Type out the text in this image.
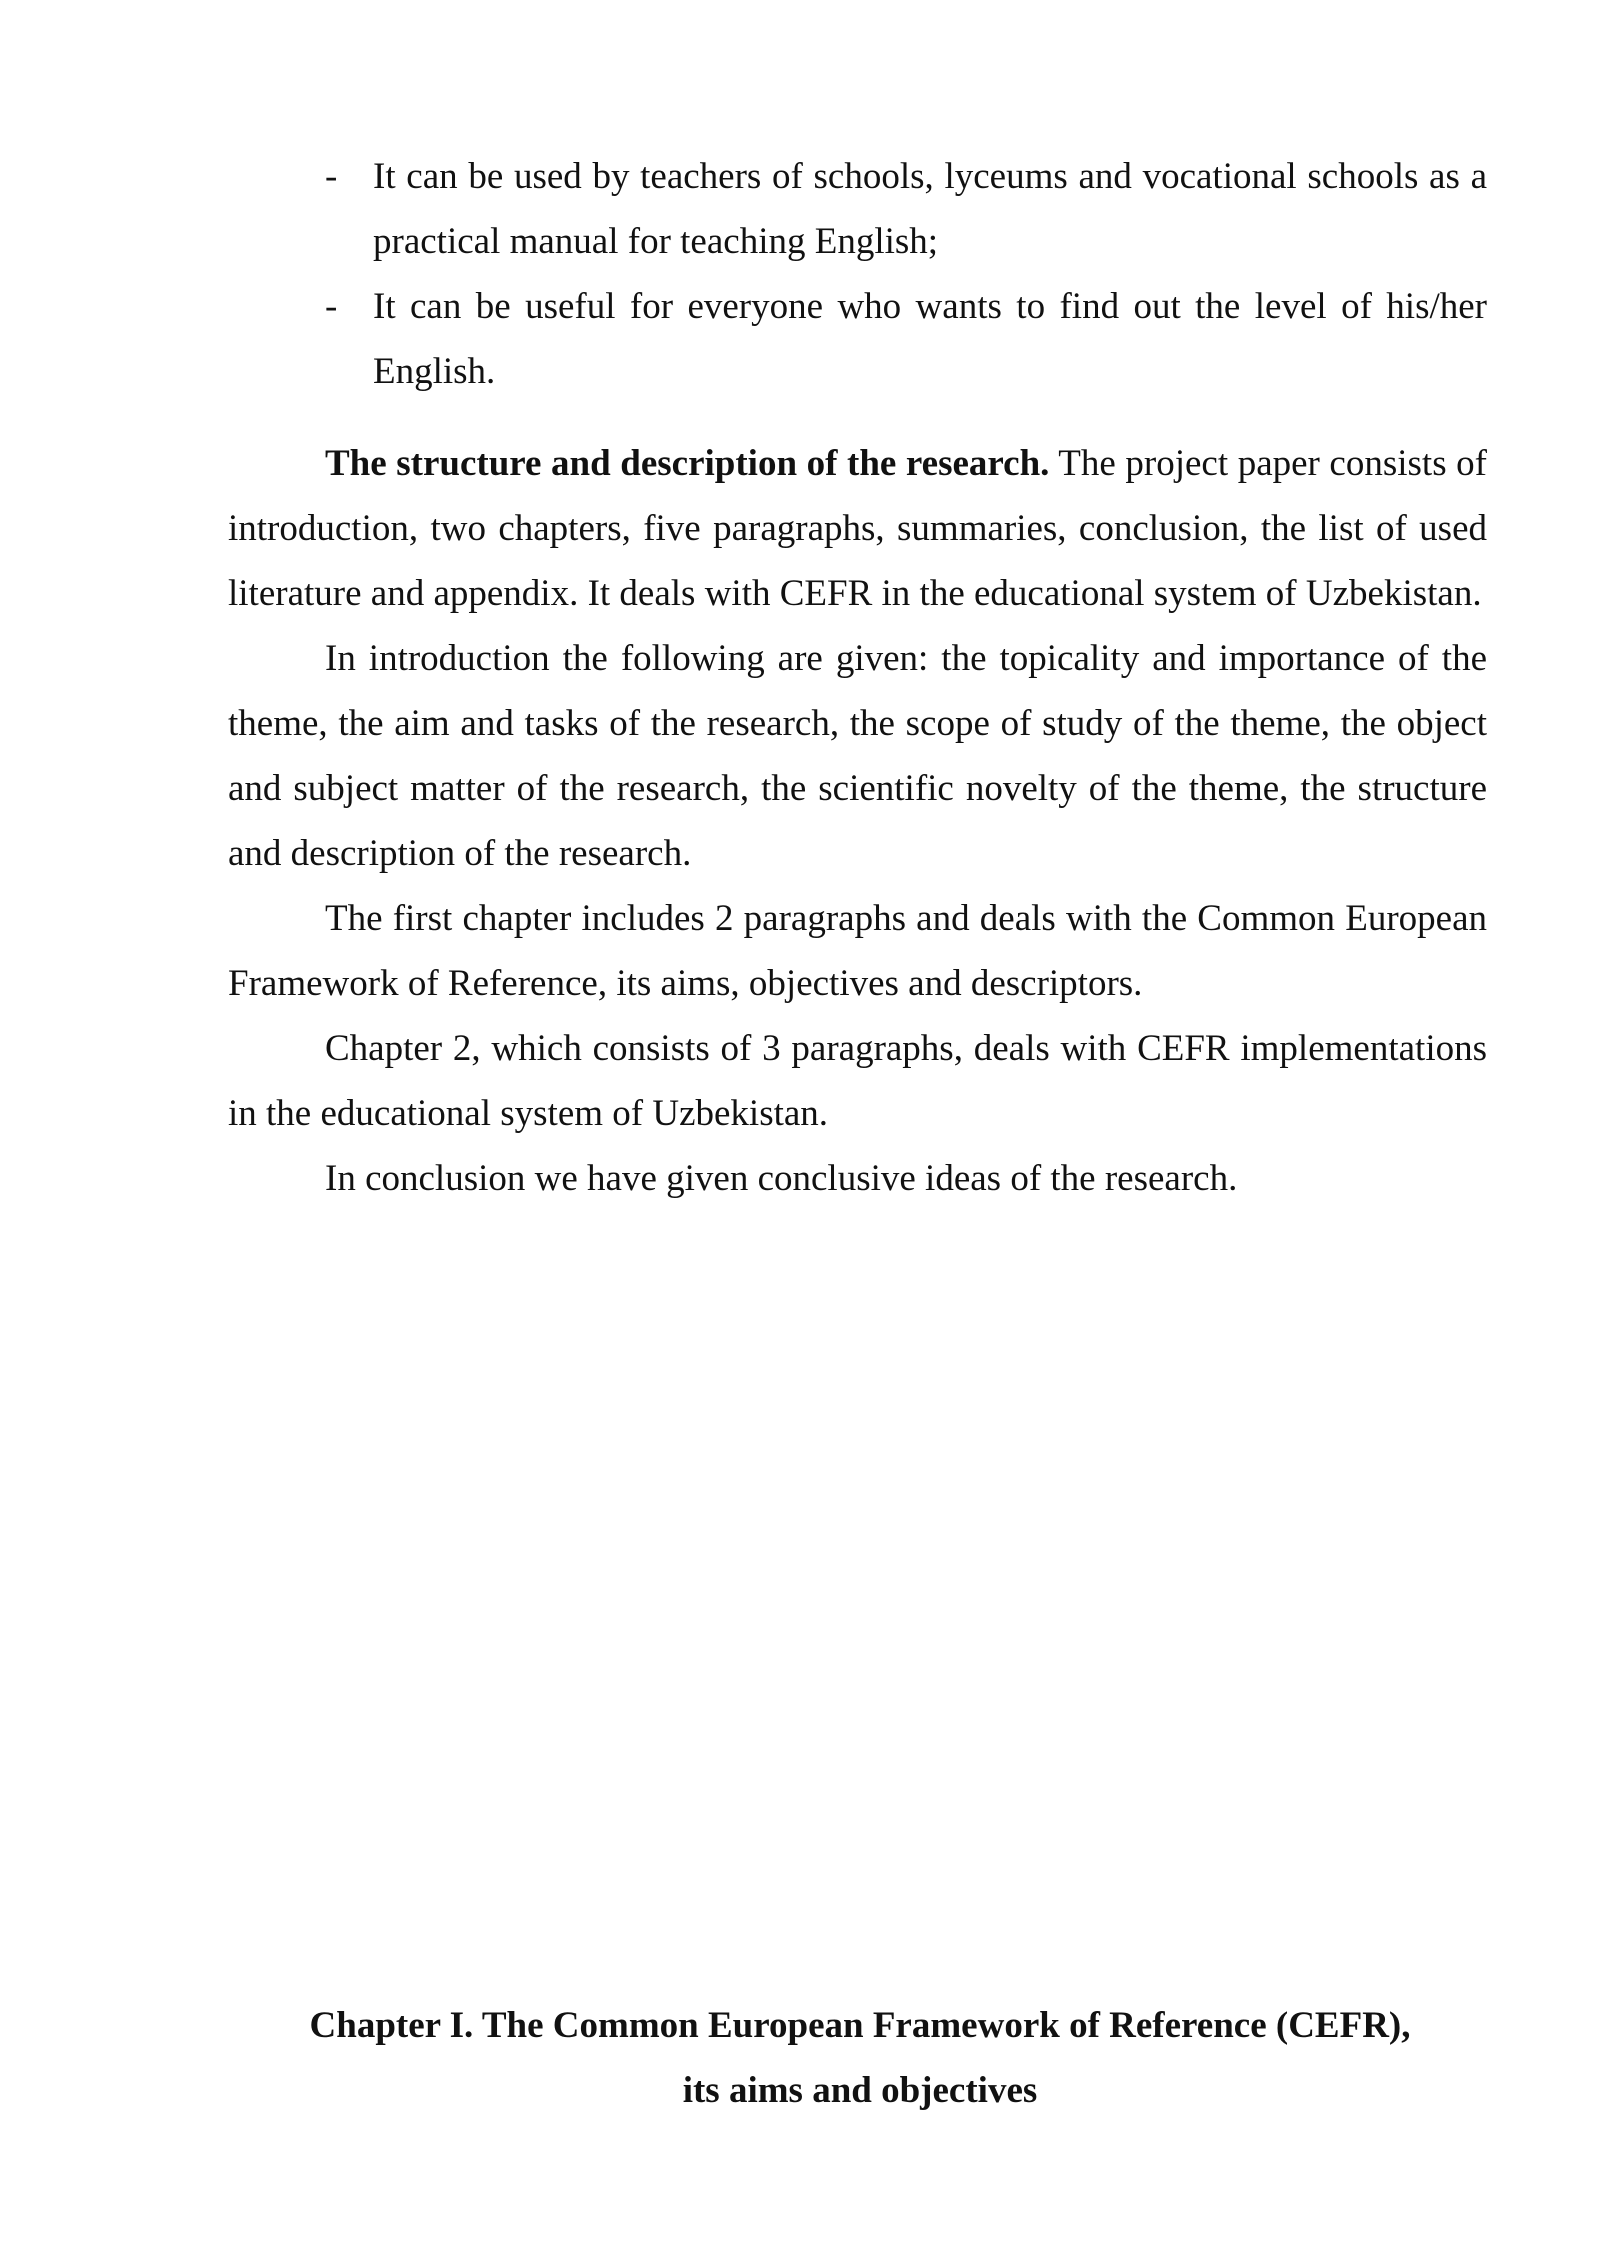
- It can be used by teachers of schools, lyceums and vocational schools as a practical manual for teaching English;
- It can be useful for everyone who wants to find out the level of his/her English.

The structure and description of the research. The project paper consists of introduction, two chapters, five paragraphs, summaries, conclusion, the list of used literature and appendix. It deals with CEFR in the educational system of Uzbekistan.

In introduction the following are given: the topicality and importance of the theme, the aim and tasks of the research, the scope of study of the theme, the object and subject matter of the research, the scientific novelty of the theme, the structure and description of the research.

The first chapter includes 2 paragraphs and deals with the Common European Framework of Reference, its aims, objectives and descriptors.

Chapter 2, which consists of 3 paragraphs, deals with CEFR implementations in the educational system of Uzbekistan.

In conclusion we have given conclusive ideas of the research.

Chapter I. The Common European Framework of Reference (CEFR),
its aims and objectives
